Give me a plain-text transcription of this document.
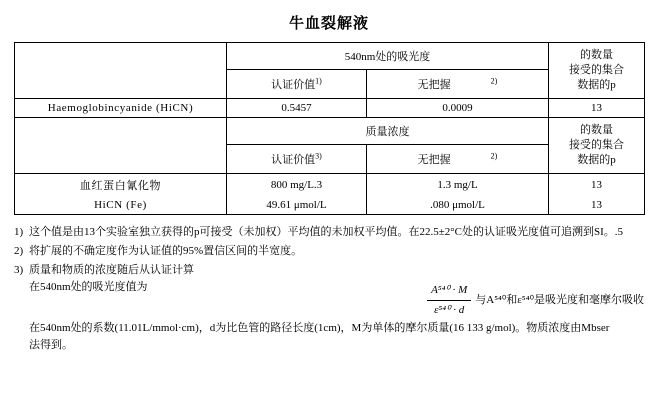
牛血裂解液
	540nm处的吸光度		的数量
接受的集合
数据的p

	认证价值$^{1)}$	无把握 $^{2)}$
Haemoglobincyanide (HiCN)	0.5457	0.0009	13
	质量浓度		的数量
接受的集合
数据的p

	认证价值$^{3)}$	无把握 $^{2)}$
血红蛋白氰化物	800 mg/L.3	1.3 mg/L	13
HiCN (Fe)	49.61 μmol/L	.080 μmol/L	13
1) 这个值是由13个实验室独立获得的p可接受（未加权）平均值的未加权平均值。在22.5±2°C处的认证吸光度值可追溯到SI。.5
2) 将扩展的不确定度作为认证值的95%置信区间的半宽度。
3) 质量和物质的浓度随后从认证计算
在540nm处的吸光度值为	$\frac{\text{A⁵⁴⁰ · M}}{\text{ε⁵⁴⁰ · d}}$ 与A⁵⁴⁰和ε⁵⁴⁰是吸光度和毫摩尔吸收
在540nm处的系数(11.01L/mmol·cm)，d为比色管的路径长度(1cm)，M为单体的摩尔质量(16 133 g/mol)。物质浓度由Mbser
法得到。
